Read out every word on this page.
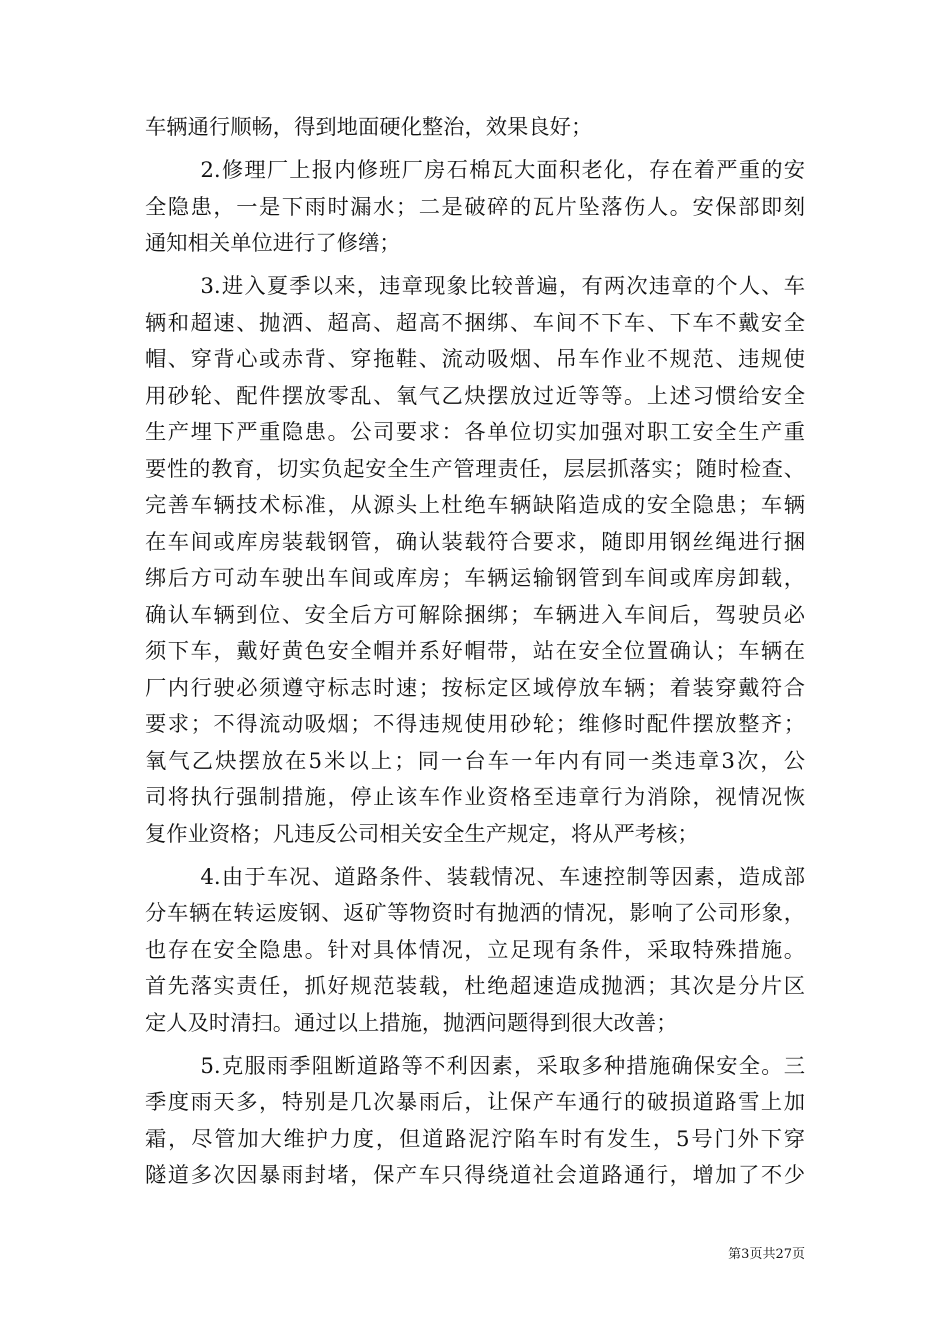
车辆通行顺畅，得到地面硬化整治，效果良好；
2.修理厂上报内修班厂房石棉瓦大面积老化，存在着严重的安
全隐患，一是下雨时漏水；二是破碎的瓦片坠落伤人。安保部即刻
通知相关单位进行了修缮；
3.进入夏季以来，违章现象比较普遍，有两次违章的个人、车
辆和超速、抛洒、超高、超高不捆绑、车间不下车、下车不戴安全
帽、穿背心或赤背、穿拖鞋、流动吸烟、吊车作业不规范、违规使
用砂轮、配件摆放零乱、氧气乙炔摆放过近等等。上述习惯给安全
生产埋下严重隐患。公司要求：各单位切实加强对职工安全生产重
要性的教育，切实负起安全生产管理责任，层层抓落实；随时检查、
完善车辆技术标准，从源头上杜绝车辆缺陷造成的安全隐患；车辆
在车间或库房装载钢管，确认装载符合要求，随即用钢丝绳进行捆
绑后方可动车驶出车间或库房；车辆运输钢管到车间或库房卸载，
确认车辆到位、安全后方可解除捆绑；车辆进入车间后，驾驶员必
须下车，戴好黄色安全帽并系好帽带，站在安全位置确认；车辆在
厂内行驶必须遵守标志时速；按标定区域停放车辆；着装穿戴符合
要求；不得流动吸烟；不得违规使用砂轮；维修时配件摆放整齐；
氧气乙炔摆放在5米以上；同一台车一年内有同一类违章3次，公
司将执行强制措施，停止该车作业资格至违章行为消除，视情况恢
复作业资格；凡违反公司相关安全生产规定，将从严考核；
4.由于车况、道路条件、装载情况、车速控制等因素，造成部
分车辆在转运废钢、返矿等物资时有抛洒的情况，影响了公司形象，
也存在安全隐患。针对具体情况，立足现有条件，采取特殊措施。
首先落实责任，抓好规范装载，杜绝超速造成抛洒；其次是分片区
定人及时清扫。通过以上措施，抛洒问题得到很大改善；
5.克服雨季阻断道路等不利因素，采取多种措施确保安全。三
季度雨天多，特别是几次暴雨后，让保产车通行的破损道路雪上加
霜，尽管加大维护力度，但道路泥泞陷车时有发生，5号门外下穿
隧道多次因暴雨封堵，保产车只得绕道社会道路通行，增加了不少
第3页共27页
